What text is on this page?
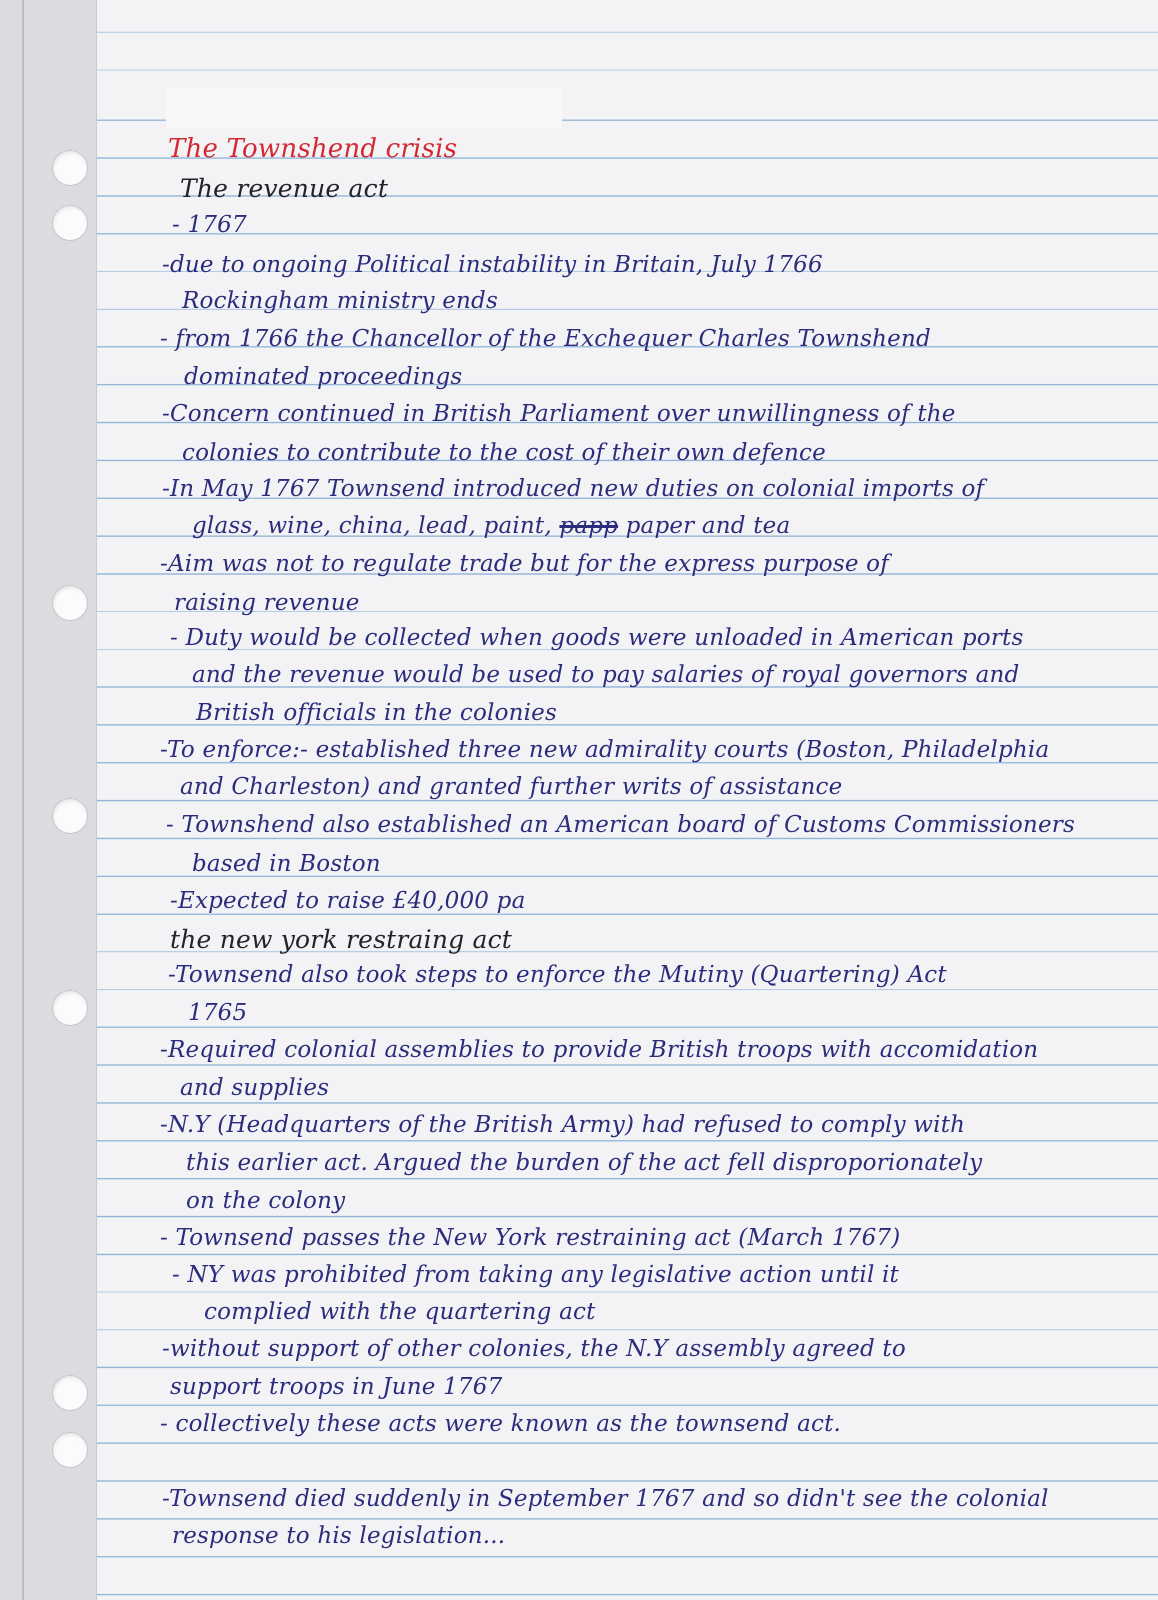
The Townshend crisis
The revenue act
- 1767
-due to ongoing Political instability in Britain, July 1766
Rockingham ministry ends
- from 1766 the Chancellor of the Exchequer Charles Townshend
dominated proceedings
-Concern continued in British Parliament over unwillingness of the
colonies to contribute to the cost of their own defence
-In May 1767 Townsend introduced new duties on colonial imports of
glass, wine, china, lead, paint, papp paper and tea
-Aim was not to regulate trade but for the express purpose of
raising revenue
- Duty would be collected when goods were unloaded in American ports
and the revenue would be used to pay salaries of royal governors and
British officials in the colonies
-To enforce:- established three new admirality courts (Boston, Philadelphia
and Charleston) and granted further writs of assistance
- Townshend also established an American board of Customs Commissioners
based in Boston
-Expected to raise £40,000 pa
the new york restraing act
-Townsend also took steps to enforce the Mutiny (Quartering) Act
1765
-Required colonial assemblies to provide British troops with accomidation
and supplies
-N.Y (Headquarters of the British Army) had refused to comply with
this earlier act. Argued the burden of the act fell disproporionately
on the colony
- Townsend passes the New York restraining act (March 1767)
- NY was prohibited from taking any legislative action until it
complied with the quartering act
-without support of other colonies, the N.Y assembly agreed to
support troops in June 1767
- collectively these acts were known as the townsend act.
-Townsend died suddenly in September 1767 and so didn't see the colonial
response to his legislation...
